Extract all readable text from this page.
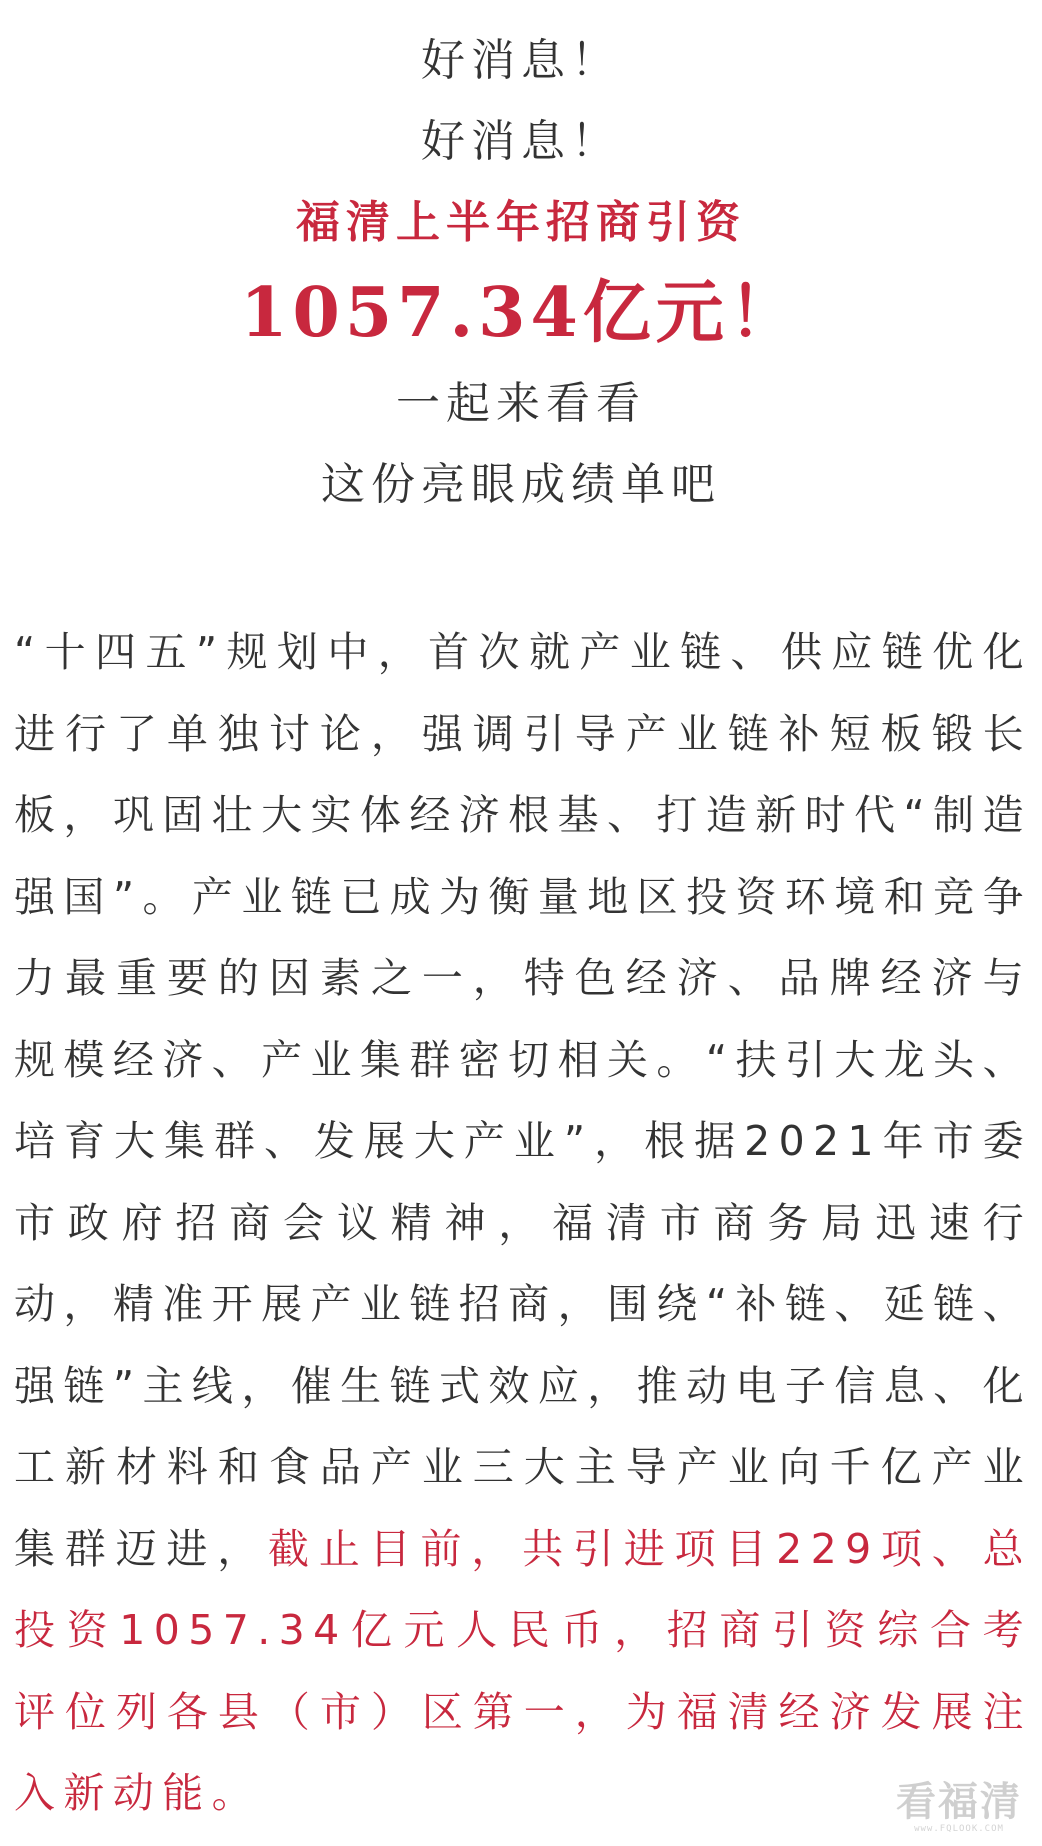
好消息！
好消息！
福清上半年招商引资
1057.34亿元！
一起来看看
这份亮眼成绩单吧

“十四五”规划中，首次就产业链、供应链优化进行了单独讨论，强调引导产业链补短板锻长板，巩固壮大实体经济根基、打造新时代“制造强国”。产业链已成为衡量地区投资环境和竞争力最重要的因素之一，特色经济、品牌经济与规模经济、产业集群密切相关。“扶引大龙头、培育大集群、发展大产业”，根据2021年市委市政府招商会议精神，福清市商务局迅速行动，精准开展产业链招商，围绕“补链、延链、强链”主线，催生链式效应，推动电子信息、化工新材料和食品产业三大主导产业向千亿产业集群迈进，截止目前，共引进项目229项、总投资1057.34亿元人民币，招商引资综合考评位列各县（市）区第一，为福清经济发展注入新动能。	看福清
www.FQLOOK.COM
